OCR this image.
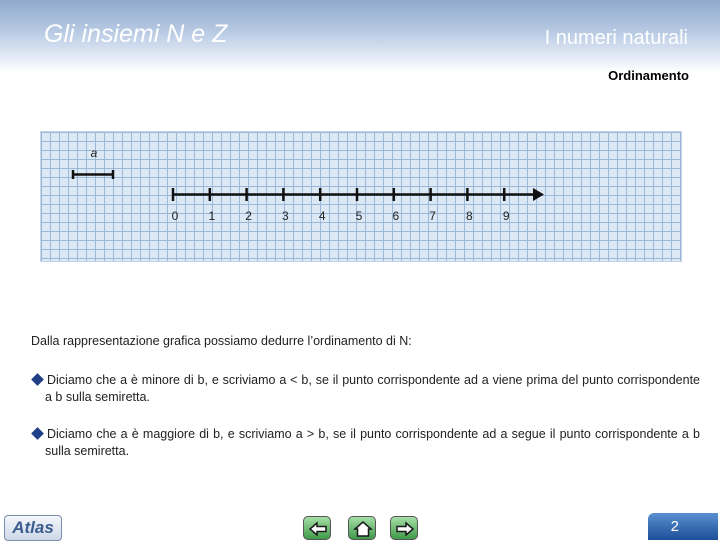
Gli insiemi N e Z	I numeri naturali
Ordinamento
a
0	1	2	3	4	5	6	7	8	9
Dalla rappresentazione grafica possiamo dedurre l’ordinamento di N:
Diciamo che a è minore di b, e scriviamo a < b, se il punto corrispondente ad a viene prima del punto corrispondente a b sulla semiretta.
Diciamo che a è maggiore di b, e scriviamo a > b, se il punto corrispondente ad a segue il punto corrispondente a b sulla semiretta.
Atlas	2
